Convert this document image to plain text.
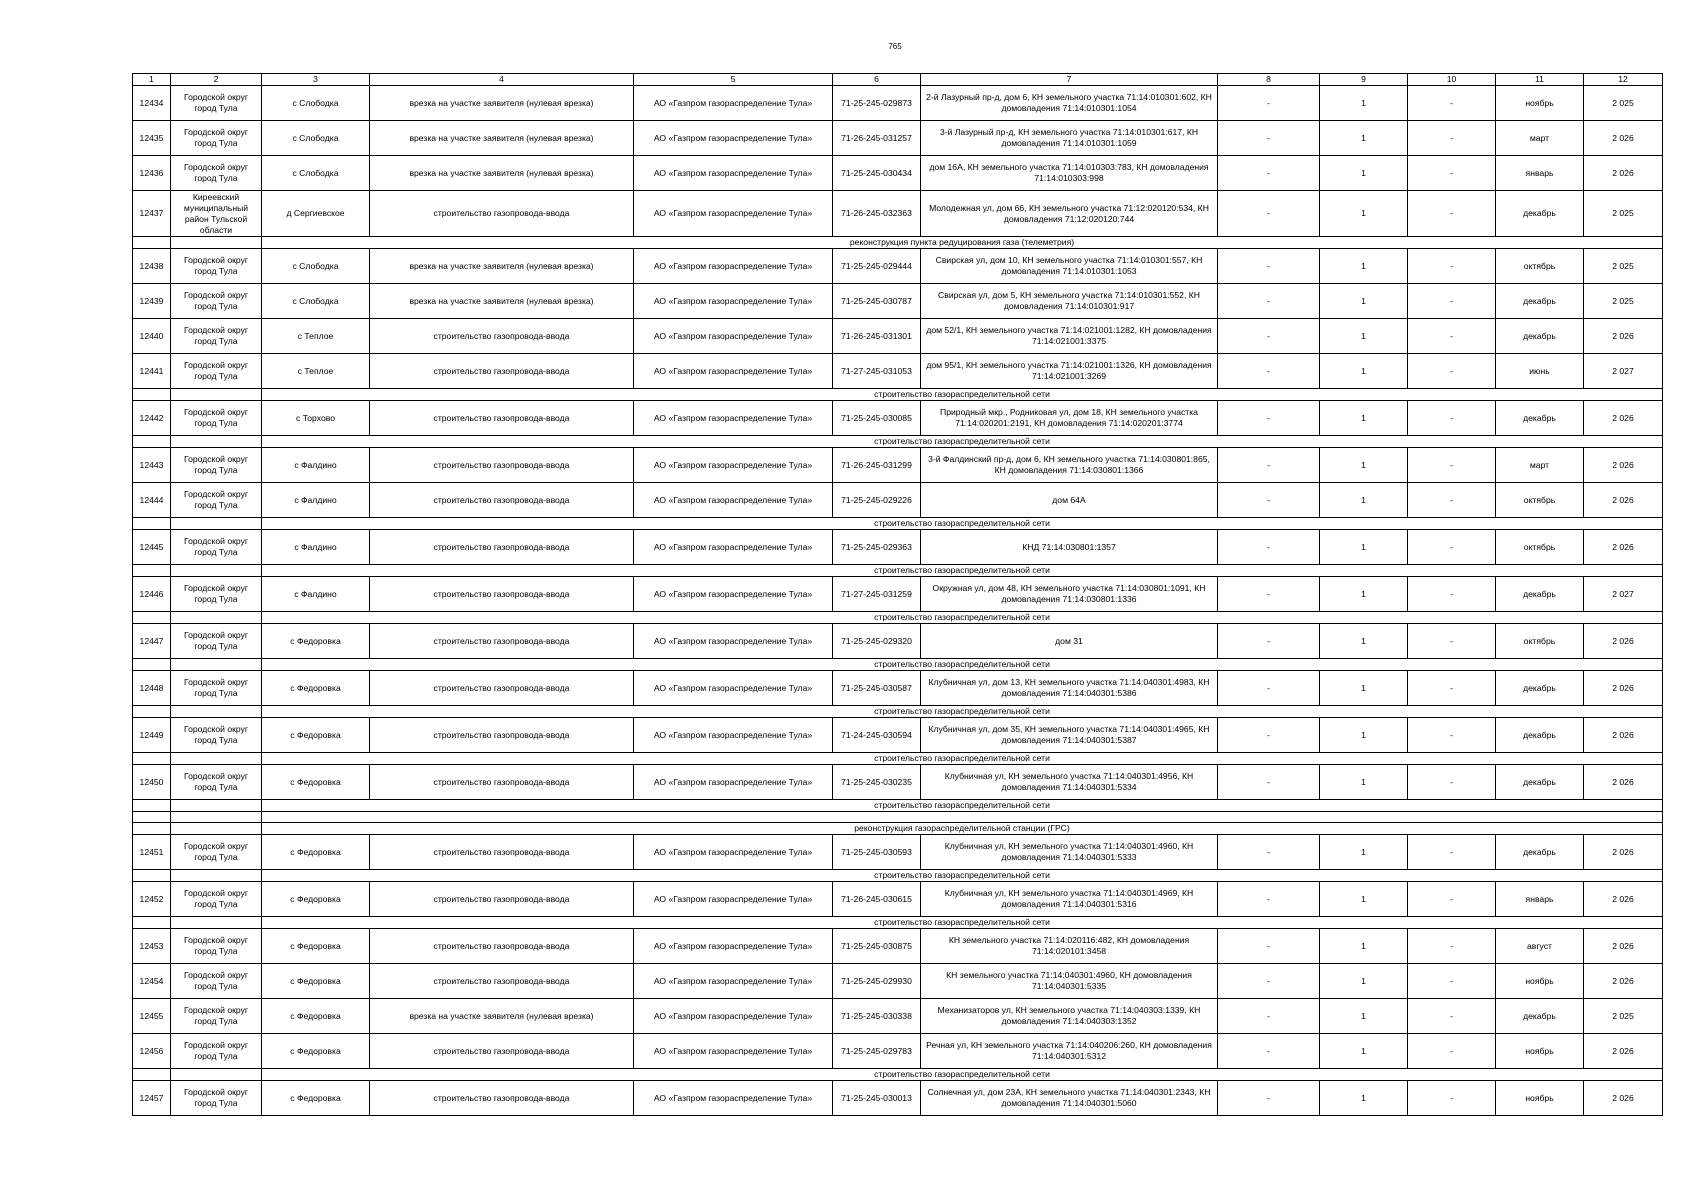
765
1	2	3	4	5	6	7	8	9	10	11	12
12434	Городской округ город Тула	с Слободка	врезка на участке заявителя (нулевая врезка)	АО «Газпром газораспределение Тула»	71-25-245-029873	2-й Лазурный пр-д, дом 6, КН земельного участка 71:14:010301:602, КН домовладения 71:14:010301:1054	-	1	-	ноябрь	2 025
12435	Городской округ город Тула	с Слободка	врезка на участке заявителя (нулевая врезка)	АО «Газпром газораспределение Тула»	71-26-245-031257	3-й Лазурный пр-д, КН земельного участка 71:14:010301:617, КН домовладения 71:14:010301:1059	-	1	-	март	2 026
12436	Городской округ город Тула	с Слободка	врезка на участке заявителя (нулевая врезка)	АО «Газпром газораспределение Тула»	71-25-245-030434	дом 16А, КН земельного участка 71:14:010303:783, КН домовладения 71:14:010303:998	-	1	-	январь	2 026
12437	Киреевский муниципальный район Тульской области	д Сергиевское	строительство газопровода-ввода	АО «Газпром газораспределение Тула»	71-26-245-032363	Молодежная ул, дом 66, КН земельного участка 71:12:020120:534, КН домовладения 71:12:020120:744	-	1	-	декабрь	2 025
		реконструкция пункта редуцирования газа (телеметрия)									
12438	Городской округ город Тула	с Слободка	врезка на участке заявителя (нулевая врезка)	АО «Газпром газораспределение Тула»	71-25-245-029444	Свирская ул, дом 10, КН земельного участка 71:14:010301:557, КН домовладения 71:14:010301:1053	-	1	-	октябрь	2 025
12439	Городской округ город Тула	с Слободка	врезка на участке заявителя (нулевая врезка)	АО «Газпром газораспределение Тула»	71-25-245-030787	Свирская ул, дом 5, КН земельного участка 71:14:010301:552, КН домовладения 71:14:010301:917	-	1	-	декабрь	2 025
12440	Городской округ город Тула	с Теплое	строительство газопровода-ввода	АО «Газпром газораспределение Тула»	71-26-245-031301	дом 52/1, КН земельного участка 71:14:021001:1282, КН домовладения 71:14:021001:3375	-	1	-	декабрь	2 026
12441	Городской округ город Тула	с Теплое	строительство газопровода-ввода	АО «Газпром газораспределение Тула»	71-27-245-031053	дом 95/1, КН земельного участка 71:14:021001:1326, КН домовладения 71:14:021001:3269	-	1	-	июнь	2 027
		строительство газораспределительной сети									
12442	Городской округ город Тула	с Торхово	строительство газопровода-ввода	АО «Газпром газораспределение Тула»	71-25-245-030085	Природный мкр., Родниковая ул, дом 18, КН земельного участка 71:14:020201:2191, КН домовладения 71:14:020201:3774	-	1	-	декабрь	2 026
		строительство газораспределительной сети									
12443	Городской округ город Тула	с Фалдино	строительство газопровода-ввода	АО «Газпром газораспределение Тула»	71-26-245-031299	3-й Фалдинский пр-д, дом 6, КН земельного участка 71:14:030801:865, КН домовладения 71:14:030801:1366	-	1	-	март	2 026
12444	Городской округ город Тула	с Фалдино	строительство газопровода-ввода	АО «Газпром газораспределение Тула»	71-25-245-029226	дом 64А	-	1	-	октябрь	2 026
		строительство газораспределительной сети									
12445	Городской округ город Тула	с Фалдино	строительство газопровода-ввода	АО «Газпром газораспределение Тула»	71-25-245-029363	КНД 71:14:030801:1357	-	1	-	октябрь	2 026
		строительство газораспределительной сети									
12446	Городской округ город Тула	с Фалдино	строительство газопровода-ввода	АО «Газпром газораспределение Тула»	71-27-245-031259	Окружная ул, дом 48, КН земельного участка 71:14:030801:1091, КН домовладения 71:14:030801:1336	-	1	-	декабрь	2 027
		строительство газораспределительной сети									
12447	Городской округ город Тула	с Федоровка	строительство газопровода-ввода	АО «Газпром газораспределение Тула»	71-25-245-029320	дом 31	-	1	-	октябрь	2 026
		строительство газораспределительной сети									
12448	Городской округ город Тула	с Федоровка	строительство газопровода-ввода	АО «Газпром газораспределение Тула»	71-25-245-030587	Клубничная ул, дом 13, КН земельного участка 71:14:040301:4983, КН домовладения 71:14:040301:5386	-	1	-	декабрь	2 026
		строительство газораспределительной сети									
12449	Городской округ город Тула	с Федоровка	строительство газопровода-ввода	АО «Газпром газораспределение Тула»	71-24-245-030594	Клубничная ул, дом 35, КН земельного участка 71:14:040301:4965, КН домовладения 71:14:040301:5387	-	1	-	декабрь	2 026
		строительство газораспределительной сети									
12450	Городской округ город Тула	с Федоровка	строительство газопровода-ввода	АО «Газпром газораспределение Тула»	71-25-245-030235	Клубничная ул, КН земельного участка 71:14:040301:4956, КН домовладения 71:14:040301:5334	-	1	-	декабрь	2 026
		строительство газораспределительной сети									

		реконструкция газораспределительной станции (ГРС)									
12451	Городской округ город Тула	с Федоровка	строительство газопровода-ввода	АО «Газпром газораспределение Тула»	71-25-245-030593	Клубничная ул, КН земельного участка 71:14:040301:4960, КН домовладения 71:14:040301:5333	-	1	-	декабрь	2 026
		строительство газораспределительной сети									
12452	Городской округ город Тула	с Федоровка	строительство газопровода-ввода	АО «Газпром газораспределение Тула»	71-26-245-030615	Клубничная ул, КН земельного участка 71:14:040301:4969, КН домовладения 71:14:040301:5316	-	1	-	январь	2 026
		строительство газораспределительной сети									
12453	Городской округ город Тула	с Федоровка	строительство газопровода-ввода	АО «Газпром газораспределение Тула»	71-25-245-030875	КН земельного участка 71:14:020116:482, КН домовладения 71:14:020101:3458	-	1	-	август	2 026
12454	Городской округ город Тула	с Федоровка	строительство газопровода-ввода	АО «Газпром газораспределение Тула»	71-25-245-029930	КН земельного участка 71:14:040301:4960, КН домовладения 71:14:040301:5335	-	1	-	ноябрь	2 026
12455	Городской округ город Тула	с Федоровка	врезка на участке заявителя (нулевая врезка)	АО «Газпром газораспределение Тула»	71-25-245-030338	Механизаторов ул, КН земельного участка 71:14:040303:1339, КН домовладения 71:14:040303:1352	-	1	-	декабрь	2 025
12456	Городской округ город Тула	с Федоровка	строительство газопровода-ввода	АО «Газпром газораспределение Тула»	71-25-245-029783	Речная ул, КН земельного участка 71:14:040206:260, КН домовладения 71:14:040301:5312	-	1	-	ноябрь	2 026
		строительство газораспределительной сети									
12457	Городской округ город Тула	с Федоровка	строительство газопровода-ввода	АО «Газпром газораспределение Тула»	71-25-245-030013	Солнечная ул, дом 23А, КН земельного участка 71:14:040301:2343, КН домовладения 71:14:040301:5060	-	1	-	ноябрь	2 026
